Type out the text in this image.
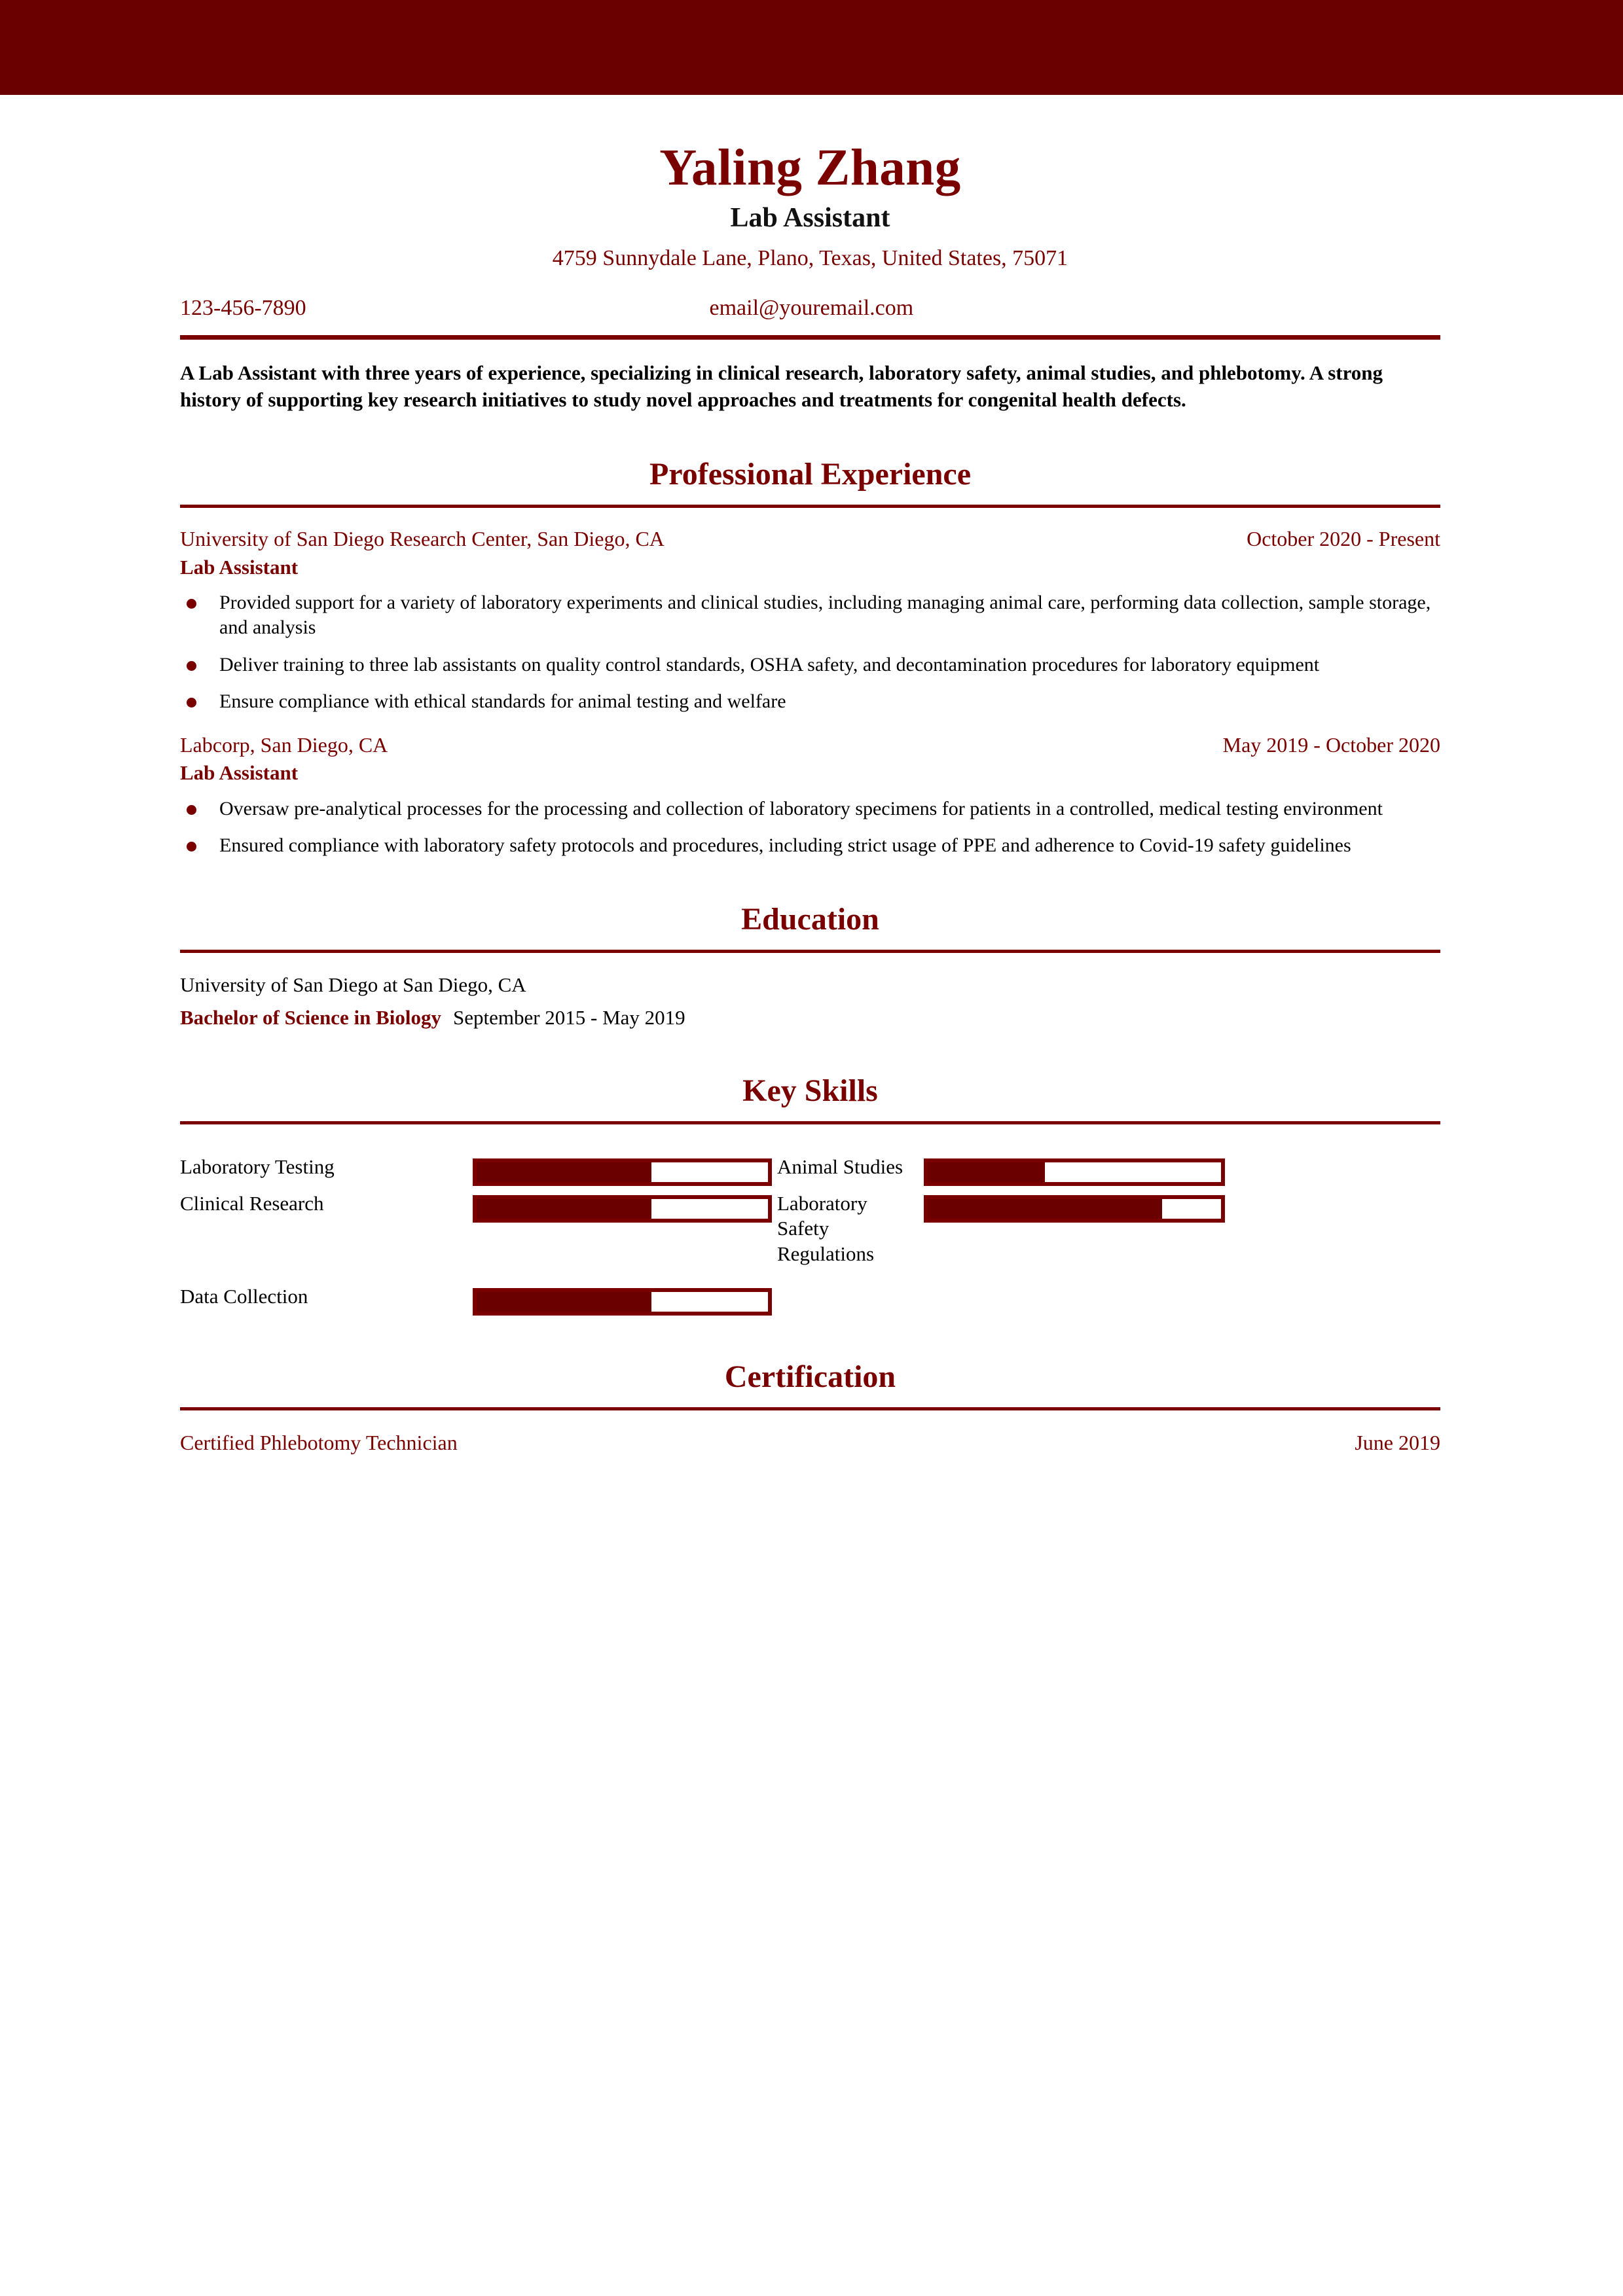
Yaling Zhang
Lab Assistant
4759 Sunnydale Lane, Plano, Texas, United States, 75071
123-456-7890	email@youremail.com
A Lab Assistant with three years of experience, specializing in clinical research, laboratory safety, animal studies, and phlebotomy. A strong history of supporting key research initiatives to study novel approaches and treatments for congenital health defects.
Professional Experience
University of San Diego Research Center, San Diego, CA	October 2020 - Present
Lab Assistant
Provided support for a variety of laboratory experiments and clinical studies, including managing animal care, performing data collection, sample storage, and analysis
Deliver training to three lab assistants on quality control standards, OSHA safety, and decontamination procedures for laboratory equipment
Ensure compliance with ethical standards for animal testing and welfare
Labcorp, San Diego, CA	May 2019 - October 2020
Lab Assistant
Oversaw pre-analytical processes for the processing and collection of laboratory specimens for patients in a controlled, medical testing environment
Ensured compliance with laboratory safety protocols and procedures, including strict usage of PPE and adherence to Covid-19 safety guidelines
Education
University of San Diego at San Diego, CA
Bachelor of Science in Biology September 2015 - May 2019
Key Skills
Laboratory Testing	Animal Studies
Clinical Research	Laboratory Safety Regulations
Data Collection
Certification
Certified Phlebotomy Technician	June 2019
